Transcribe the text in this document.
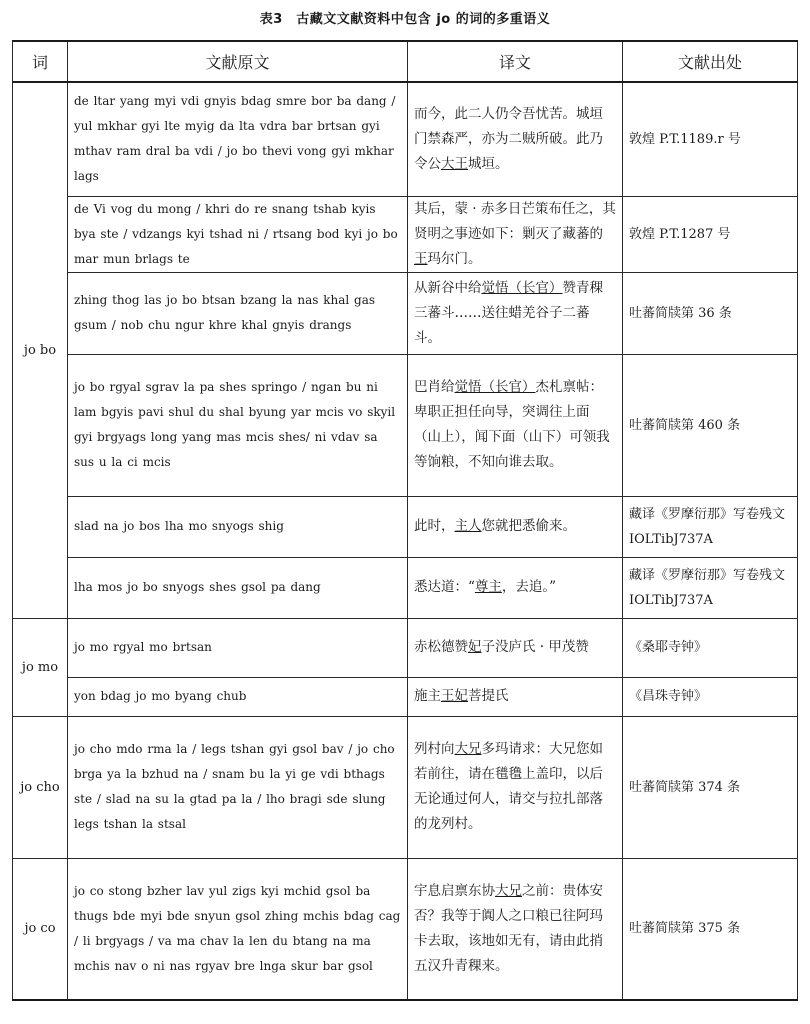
表3　古藏文文献资料中包含 jo 的词的多重语义
词	文献原文	译文	文献出处
jo bo	de ltar yang myi vdi gnyis bdag smre bor ba dang / yul mkhar gyi lte myig da lta vdra bar brtsan gyi mthav ram dral ba vdi / jo bo thevi vong gyi mkhar lags	而今，此二人仍令吾忧苦。城垣门禁森严，亦为二贼所破。此乃令公大王城垣。	敦煌 P.T.1189.r 号
	de Vi vog du mong / khri do re snang tshab kyis bya ste / vdzangs kyi tshad ni / rtsang bod kyi jo bo mar mun brlags te	其后，蒙 · 赤多日芒策布任之，其贤明之事迹如下：剿灭了藏蕃的王玛尔门。	敦煌 P.T.1287 号
	zhing thog las jo bo btsan bzang la nas khal gas gsum / nob chu ngur khre khal gnyis drangs	从新谷中给觉悟（长官）赞青稞三蕃斗……送往蜡羌谷子二蕃斗。	吐蕃简牍第 36 条
	jo bo rgyal sgrav la pa shes springo / ngan bu ni lam bgyis pavi shul du shal byung yar mcis vo skyil gyi brgyags long yang mas mcis shes/ ni vdav sa sus u la ci mcis	巴肖给觉悟（长官）杰札禀帖：卑职正担任向导，突调往上面（山上），闻下面（山下）可领我等饷粮，不知向谁去取。	吐蕃简牍第 460 条
	slad na jo bos lha mo snyogs shig	此时，主人您就把悉偷来。	藏译《罗摩衍那》写卷残文 IOLTibJ737A
	lha mos jo bo snyogs shes gsol pa dang	悉达道：“尊主，去追。”	藏译《罗摩衍那》写卷残文 IOLTibJ737A
jo mo	jo mo rgyal mo brtsan	赤松德赞妃子没庐氏 · 甲茂赞	《桑耶寺钟》
	yon bdag jo mo byang chub	施主王妃菩提氏	《昌珠寺钟》
jo cho	jo cho mdo rma la / legs tshan gyi gsol bav / jo cho brga ya la bzhud na / snam bu la yi ge vdi bthags ste / slad na su la gtad pa la / lho bragi sde slung legs tshan la stsal	列村向大兄多玛请求：大兄您如若前往，请在氆氇上盖印，以后无论通过何人，请交与拉扎部落的龙列村。	吐蕃简牍第 374 条
jo co	jo co stong bzher lav yul zigs kyi mchid gsol ba thugs bde myi bde snyun gsol zhing mchis bdag cag / li brgyags / va ma chav la len du btang na ma mchis nav o ni nas rgyav bre lnga skur bar gsol	宇息启禀东协大兄之前：贵体安否？我等于阗人之口粮已往阿玛卡去取，该地如无有，请由此捎五汉升青稞来。	吐蕃简牍第 375 条
